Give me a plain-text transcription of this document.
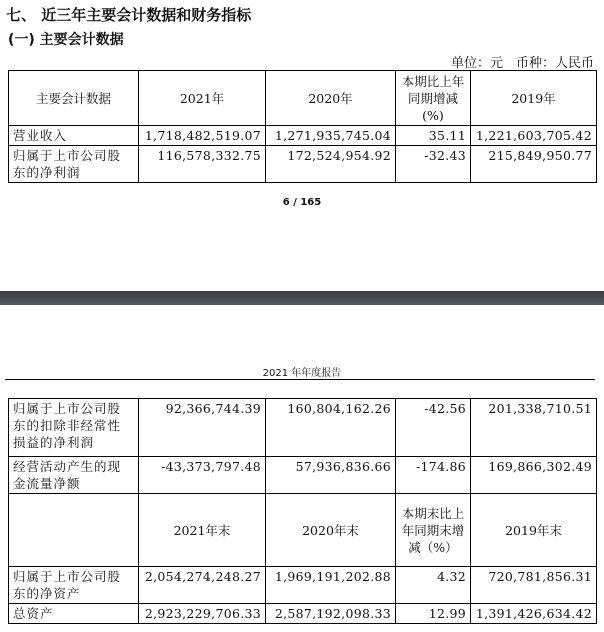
七、 近三年主要会计数据和财务指标
(一) 主要会计数据
单位：元　币种：人民币
主要会计数据	2021年	2020年	本期比上年同期增减(%)	2019年
营业收入	1,718,482,519.07	1,271,935,745.04	35.11	1,221,603,705.42
归属于上市公司股东的净利润	116,578,332.75	172,524,954.92	-32.43	215,849,950.77
6 / 165
2021 年年度报告
归属于上市公司股东的扣除非经常性损益的净利润	92,366,744.39	160,804,162.26	-42.56	201,338,710.51
经营活动产生的现金流量净额	-43,373,797.48	57,936,836.66	-174.86	169,866,302.49
	2021年末	2020年末	本期末比上年同期末增减（%）	2019年末
归属于上市公司股东的净资产	2,054,274,248.27	1,969,191,202.88	4.32	720,781,856.31
总资产	2,923,229,706.33	2,587,192,098.33	12.99	1,391,426,634.42
